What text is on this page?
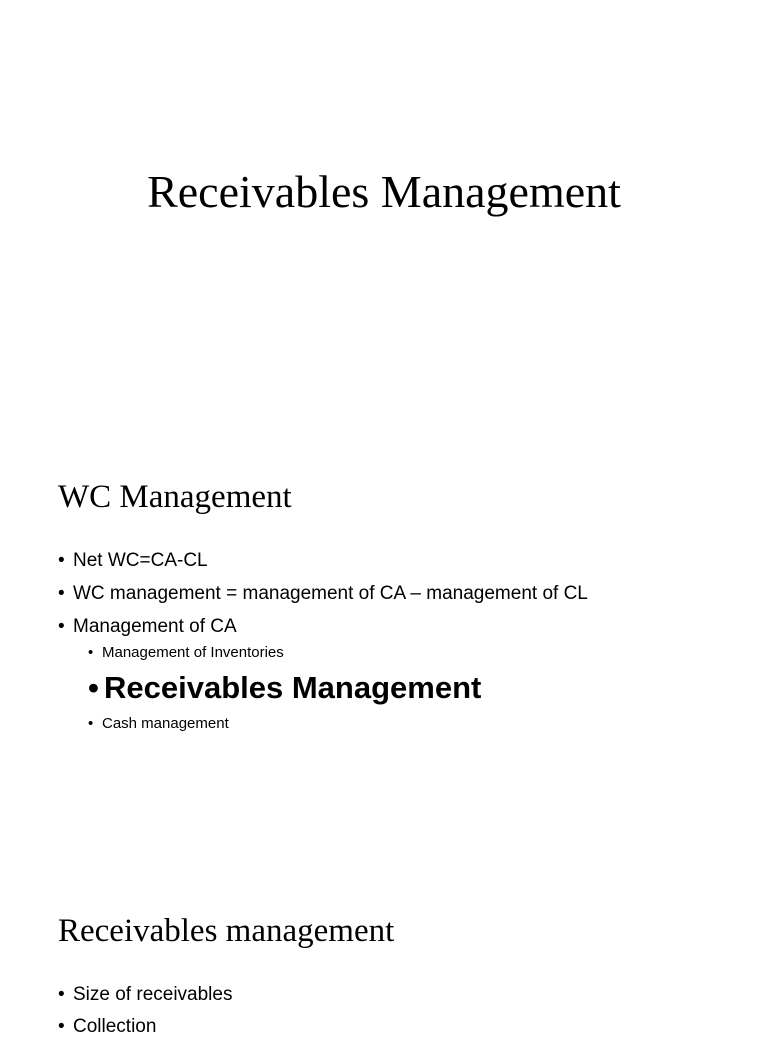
Receivables Management
WC Management
• Net WC=CA-CL
• WC management = management of CA – management of CL
• Management of CA
• Management of Inventories
• Receivables Management
• Cash management
Receivables management
• Size of receivables
• Collection
